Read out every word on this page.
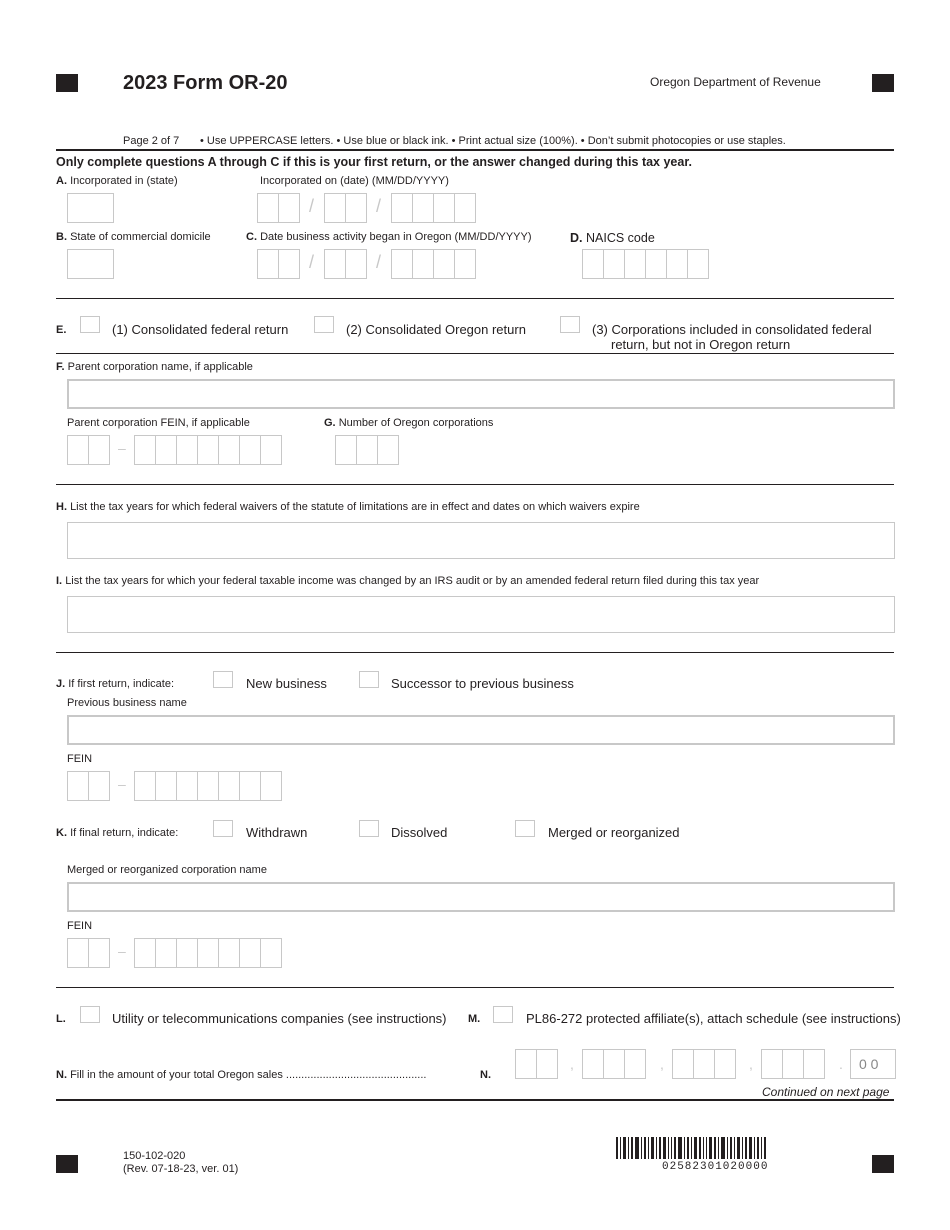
2023 Form OR-20	Oregon Department of Revenue
Page 2 of 7 • Use UPPERCASE letters. • Use blue or black ink. • Print actual size (100%). • Don’t submit photocopies or use staples.
Only complete questions A through C if this is your first return, or the answer changed during this tax year.
A. Incorporated in (state)	Incorporated on (date) (MM/DD/YYYY)
/	/
B. State of commercial domicile	C. Date business activity began in Oregon (MM/DD/YYYY)
/	/
D. NAICS code
E.	(1) Consolidated federal return	(2) Consolidated Oregon return	(3) Corporations included in consolidated federal
return, but not in Oregon return
F. Parent corporation name, if applicable
Parent corporation FEIN, if applicable
–
G. Number of Oregon corporations
H. List the tax years for which federal waivers of the statute of limitations are in effect and dates on which waivers expire
I. List the tax years for which your federal taxable income was changed by an IRS audit or by an amended federal return filed during this tax year
J. If first return, indicate:	New business	Successor to previous business
Previous business name
FEIN
–
K. If final return, indicate:	Withdrawn	Dissolved	Merged or reorganized
Merged or reorganized corporation name
FEIN
–
L.	Utility or telecommunications companies (see instructions) M.	PL86-272 protected affiliate(s), attach schedule (see instructions)
N. Fill in the amount of your total Oregon sales ..............................................	N.
,	,	,	. 0 0
Continued on next page
150-102-020
(Rev. 07-18-23, ver. 01)	02582301020000
